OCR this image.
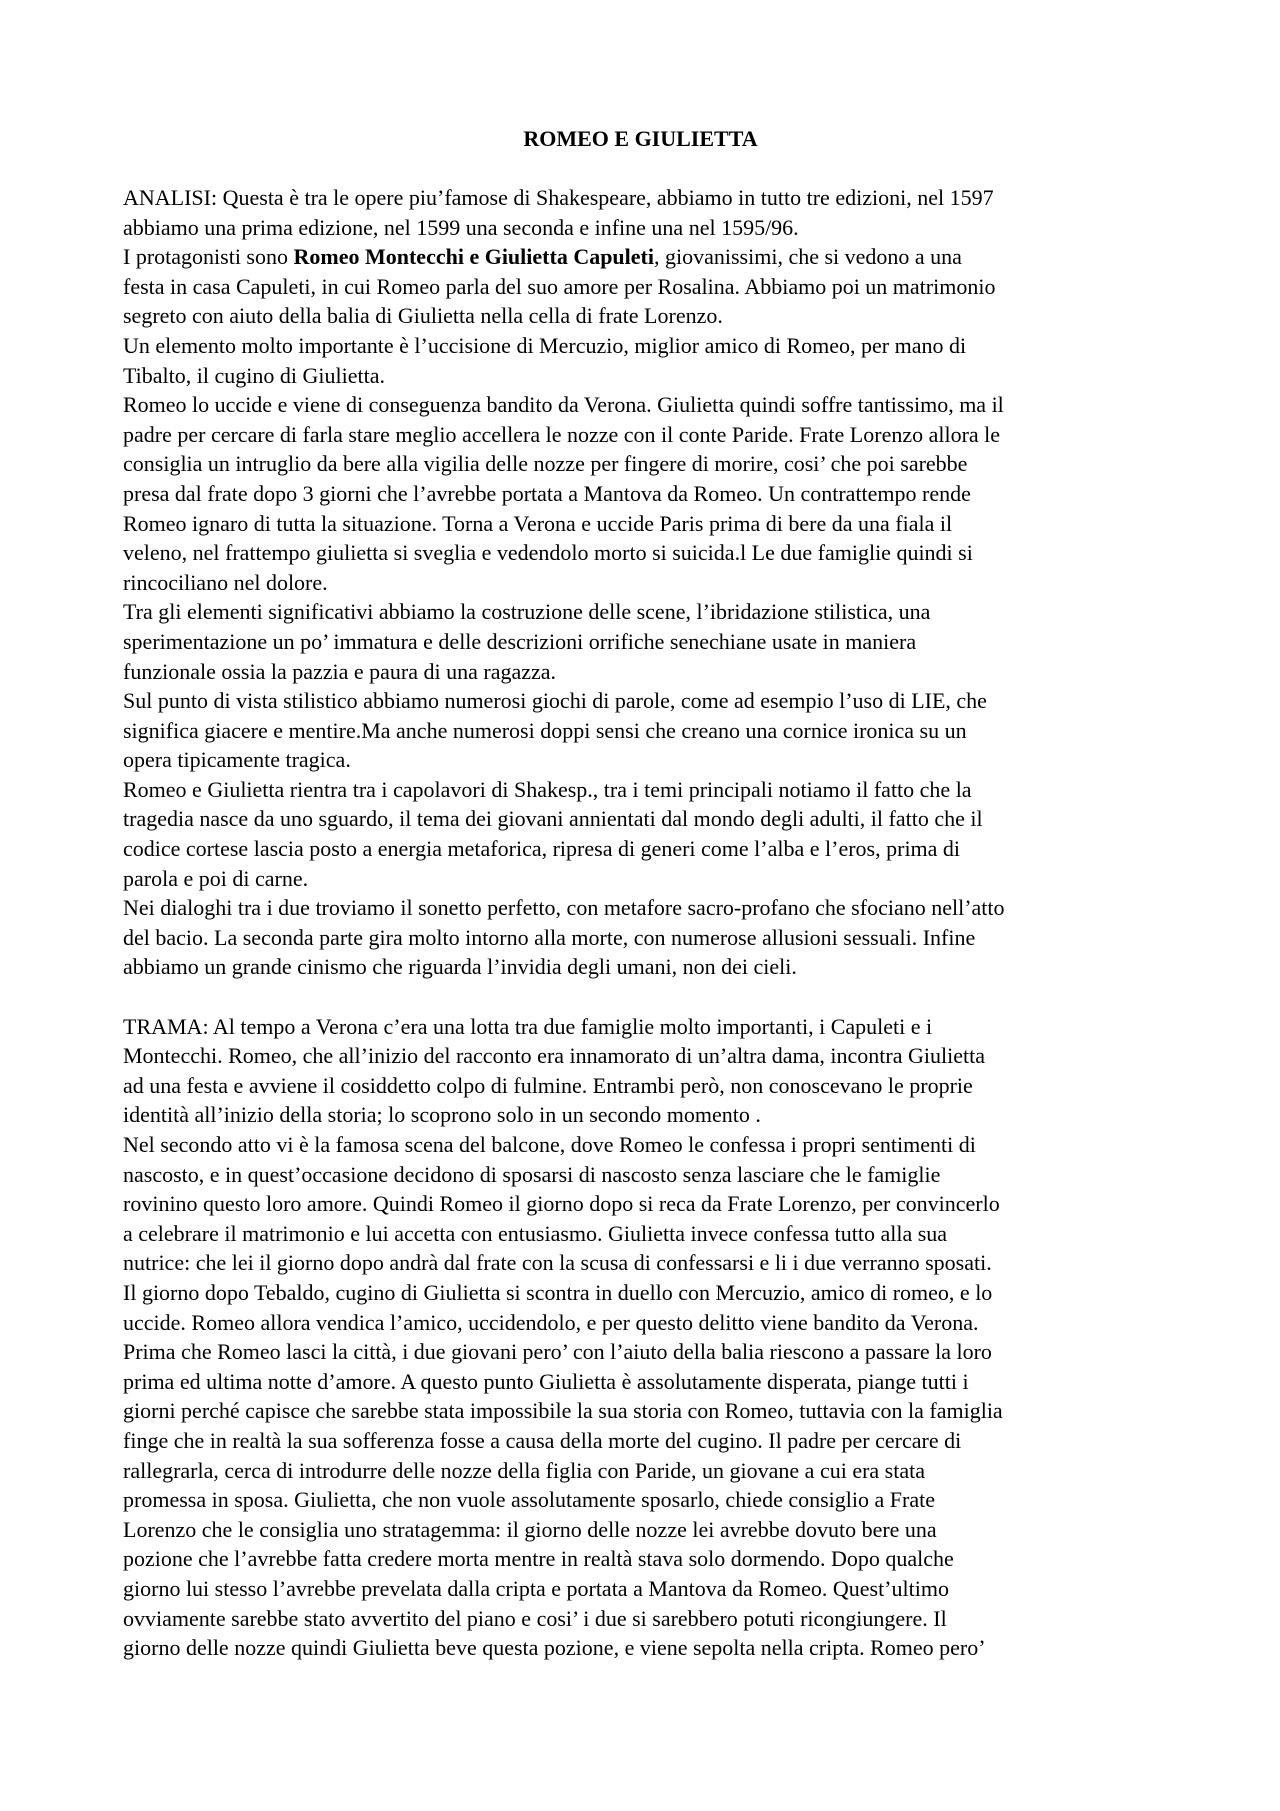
ROMEO E GIULIETTA
ANALISI: Questa è tra le opere piu’famose di Shakespeare, abbiamo in tutto tre edizioni, nel 1597
abbiamo una prima edizione, nel 1599 una seconda e infine una nel 1595/96.
I protagonisti sono Romeo Montecchi e Giulietta Capuleti, giovanissimi, che si vedono a una
festa in casa Capuleti, in cui Romeo parla del suo amore per Rosalina. Abbiamo poi un matrimonio
segreto con aiuto della balia di Giulietta nella cella di frate Lorenzo.
Un elemento molto importante è l’uccisione di Mercuzio, miglior amico di Romeo, per mano di
Tibalto, il cugino di Giulietta.
Romeo lo uccide e viene di conseguenza bandito da Verona. Giulietta quindi soffre tantissimo, ma il
padre per cercare di farla stare meglio accellera le nozze con il conte Paride. Frate Lorenzo allora le
consiglia un intruglio da bere alla vigilia delle nozze per fingere di morire, cosi’ che poi sarebbe
presa dal frate dopo 3 giorni che l’avrebbe portata a Mantova da Romeo. Un contrattempo rende
Romeo ignaro di tutta la situazione. Torna a Verona e uccide Paris prima di bere da una fiala il
veleno, nel frattempo giulietta si sveglia e vedendolo morto si suicida.l Le due famiglie quindi si
rincociliano nel dolore.
Tra gli elementi significativi abbiamo la costruzione delle scene, l’ibridazione stilistica, una
sperimentazione un po’ immatura e delle descrizioni orrifiche senechiane usate in maniera
funzionale ossia la pazzia e paura di una ragazza.
Sul punto di vista stilistico abbiamo numerosi giochi di parole, come ad esempio l’uso di LIE, che
significa giacere e mentire.Ma anche numerosi doppi sensi che creano una cornice ironica su un
opera tipicamente tragica.
Romeo e Giulietta rientra tra i capolavori di Shakesp., tra i temi principali notiamo il fatto che la
tragedia nasce da uno sguardo, il tema dei giovani annientati dal mondo degli adulti, il fatto che il
codice cortese lascia posto a energia metaforica, ripresa di generi come l’alba e l’eros, prima di
parola e poi di carne.
Nei dialoghi tra i due troviamo il sonetto perfetto, con metafore sacro-profano che sfociano nell’atto
del bacio. La seconda parte gira molto intorno alla morte, con numerose allusioni sessuali. Infine
abbiamo un grande cinismo che riguarda l’invidia degli umani, non dei cieli.
TRAMA: Al tempo a Verona c’era una lotta tra due famiglie molto importanti, i Capuleti e i
Montecchi. Romeo, che all’inizio del racconto era innamorato di un’altra dama, incontra Giulietta
ad una festa e avviene il cosiddetto colpo di fulmine. Entrambi però, non conoscevano le proprie
identità all’inizio della storia; lo scoprono solo in un secondo momento .
Nel secondo atto vi è la famosa scena del balcone, dove Romeo le confessa i propri sentimenti di
nascosto, e in quest’occasione decidono di sposarsi di nascosto senza lasciare che le famiglie
rovinino questo loro amore. Quindi Romeo il giorno dopo si reca da Frate Lorenzo, per convincerlo
a celebrare il matrimonio e lui accetta con entusiasmo. Giulietta invece confessa tutto alla sua
nutrice: che lei il giorno dopo andrà dal frate con la scusa di confessarsi e li i due verranno sposati.
Il giorno dopo Tebaldo, cugino di Giulietta si scontra in duello con Mercuzio, amico di romeo, e lo
uccide. Romeo allora vendica l’amico, uccidendolo, e per questo delitto viene bandito da Verona.
Prima che Romeo lasci la città, i due giovani pero’ con l’aiuto della balia riescono a passare la loro
prima ed ultima notte d’amore. A questo punto Giulietta è assolutamente disperata, piange tutti i
giorni perché capisce che sarebbe stata impossibile la sua storia con Romeo, tuttavia con la famiglia
finge che in realtà la sua sofferenza fosse a causa della morte del cugino. Il padre per cercare di
rallegrarla, cerca di introdurre delle nozze della figlia con Paride, un giovane a cui era stata
promessa in sposa. Giulietta, che non vuole assolutamente sposarlo, chiede consiglio a Frate
Lorenzo che le consiglia uno stratagemma: il giorno delle nozze lei avrebbe dovuto bere una
pozione che l’avrebbe fatta credere morta mentre in realtà stava solo dormendo. Dopo qualche
giorno lui stesso l’avrebbe prevelata dalla cripta e portata a Mantova da Romeo. Quest’ultimo
ovviamente sarebbe stato avvertito del piano e cosi’ i due si sarebbero potuti ricongiungere. Il
giorno delle nozze quindi Giulietta beve questa pozione, e viene sepolta nella cripta. Romeo pero’
